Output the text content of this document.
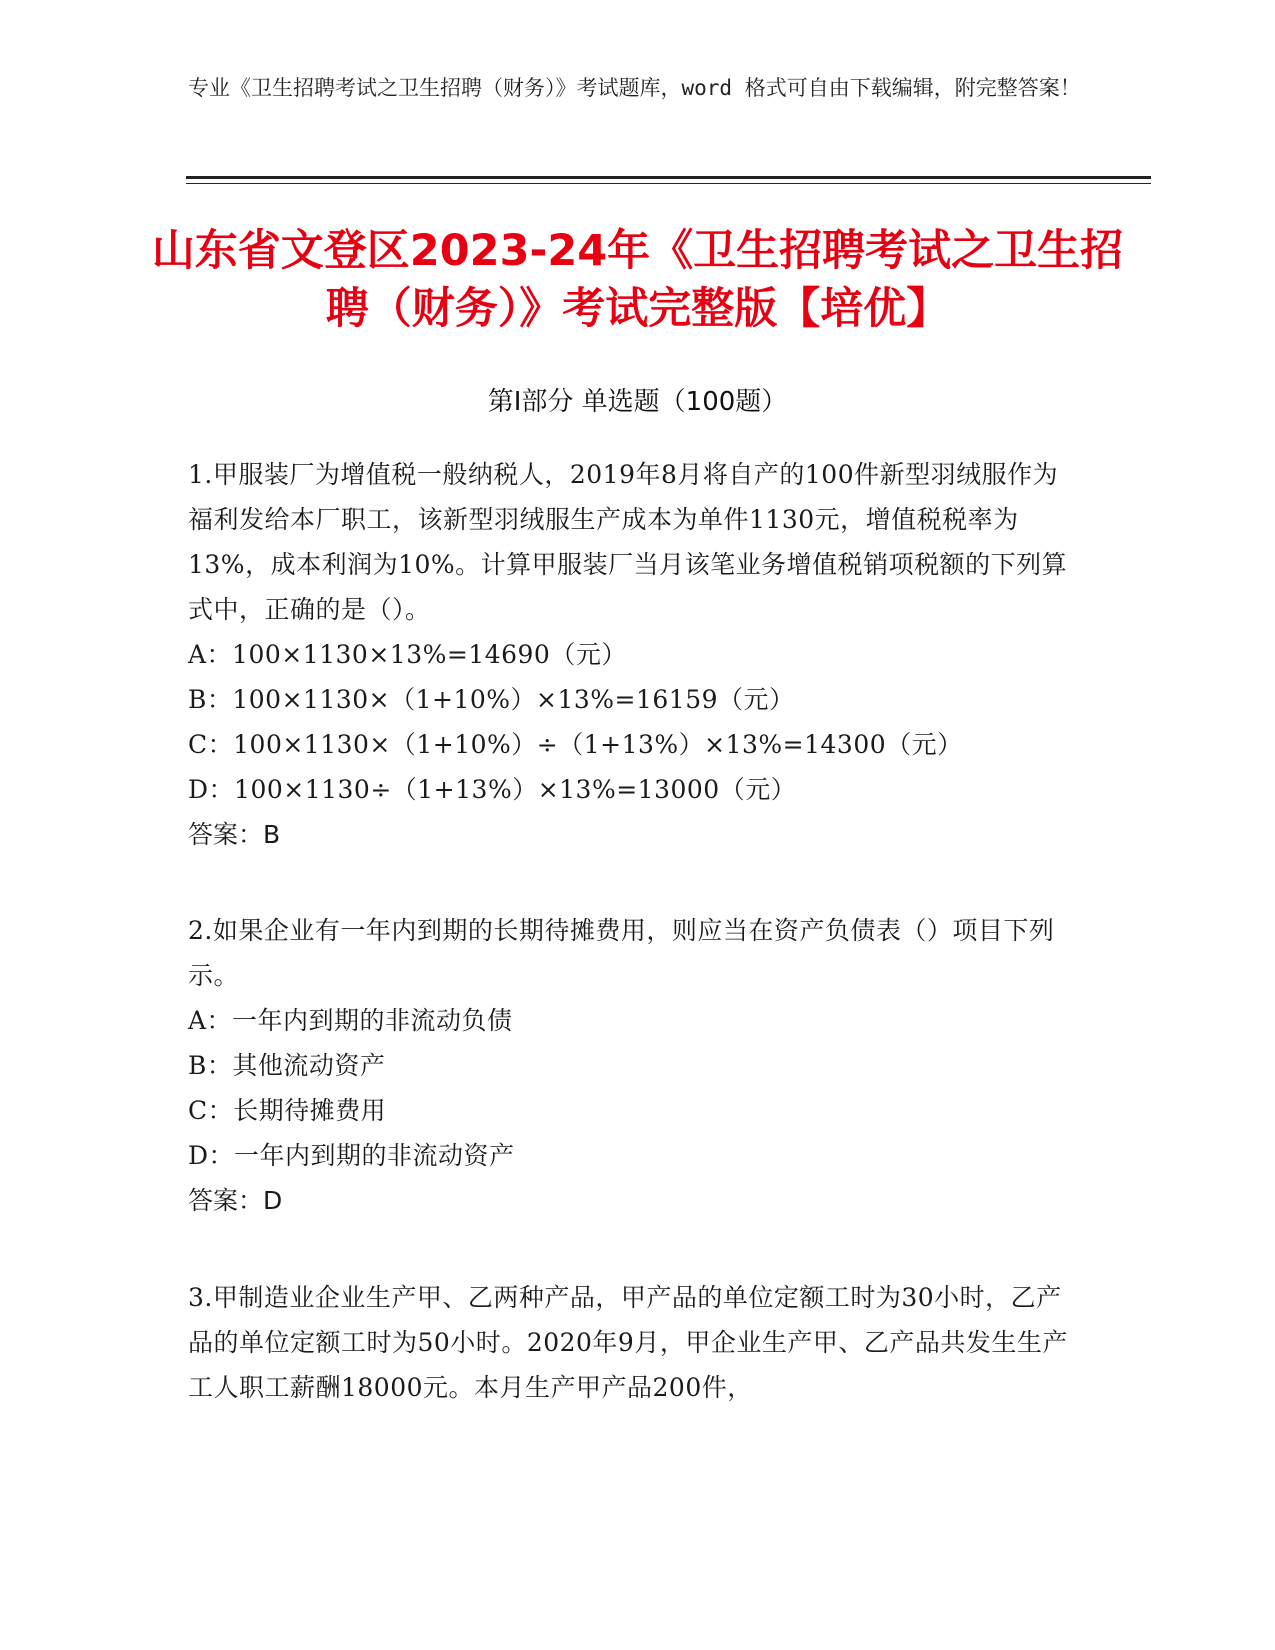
专业《卫生招聘考试之卫生招聘（财务）》考试题库，word 格式可自由下载编辑，附完整答案！
山东省文登区2023-24年《卫生招聘考试之卫生招聘（财务）》考试完整版【培优】
第Ⅰ部分 单选题（100题）
1.甲服装厂为增值税一般纳税人，2019年8月将自产的100件新型羽绒服作为福利发给本厂职工，该新型羽绒服生产成本为单件1130元，增值税税率为13%，成本利润为10%。计算甲服装厂当月该笔业务增值税销项税额的下列算式中，正确的是（）。
A：100×1130×13%=14690（元）
B：100×1130×（1+10%）×13%=16159（元）
C：100×1130×（1+10%）÷（1+13%）×13%=14300（元）
D：100×1130÷（1+13%）×13%=13000（元）
答案：B
2.如果企业有一年内到期的长期待摊费用，则应当在资产负债表（）项目下列示。
A：一年内到期的非流动负债
B：其他流动资产
C：长期待摊费用
D：一年内到期的非流动资产
答案：D
3.甲制造业企业生产甲、乙两种产品，甲产品的单位定额工时为30小时，乙产品的单位定额工时为50小时。2020年9月，甲企业生产甲、乙产品共发生生产工人职工薪酬18000元。本月生产甲产品200件，
